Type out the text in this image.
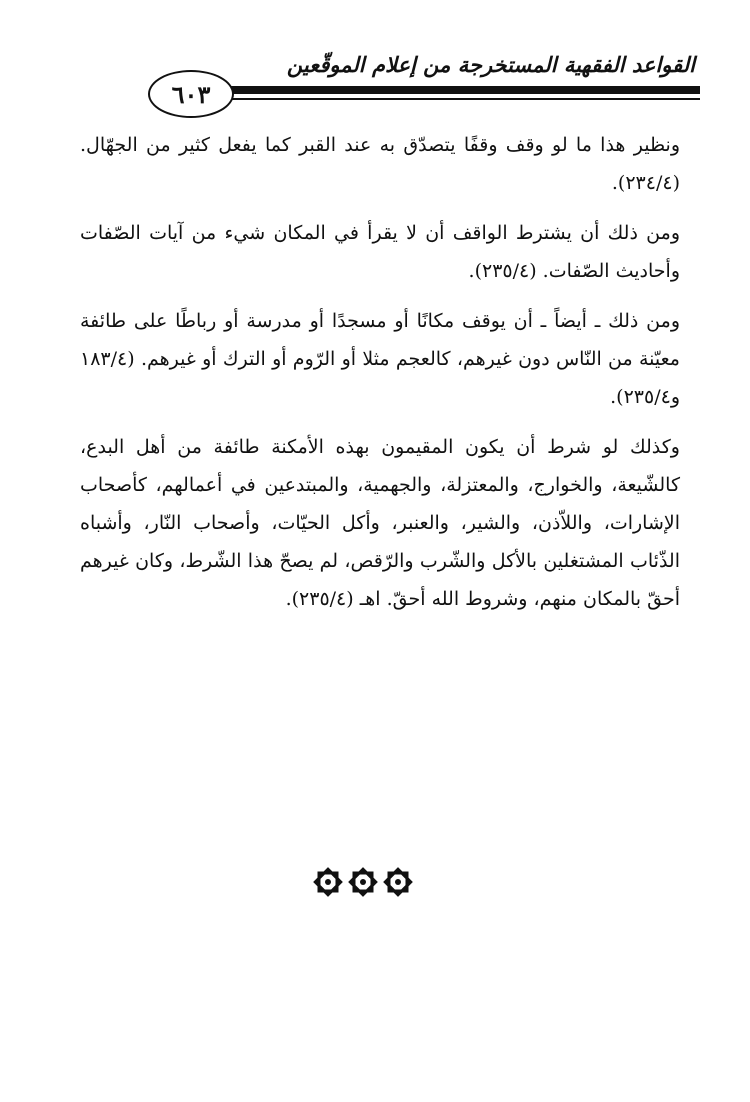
القواعد الفقهية المستخرجة من إعلام الموقّعين
٦٠٣

ونظير هذا ما لو وقف وقفًا يتصدّق به عند القبر كما يفعل كثير من الجهّال. (٢٣٤/٤).

ومن ذلك أن يشترط الواقف أن لا يقرأ في المكان شيء من آيات الصّفات وأحاديث الصّفات. (٢٣٥/٤).

ومن ذلك ـ أيضاً ـ أن يوقف مكانًا أو مسجدًا أو مدرسة أو رباطًا على طائفة معيّنة من النّاس دون غيرهم، كالعجم مثلا أو الرّوم أو الترك أو غيرهم. (١٨٣/٤ و٢٣٥/٤).

وكذلك لو شرط أن يكون المقيمون بهذه الأمكنة طائفة من أهل البدع، كالشّيعة، والخوارج، والمعتزلة، والجهمية، والمبتدعين في أعمالهم، كأصحاب الإشارات، واللاّذن، والشير، والعنبر، وأكل الحيّات، وأصحاب النّار، وأشباه الذّئاب المشتغلين بالأكل والشّرب والرّقص، لم يصحّ هذا الشّرط، وكان غيرهم أحقّ بالمكان منهم، وشروط الله أحقّ. اهـ (٢٣٥/٤).
